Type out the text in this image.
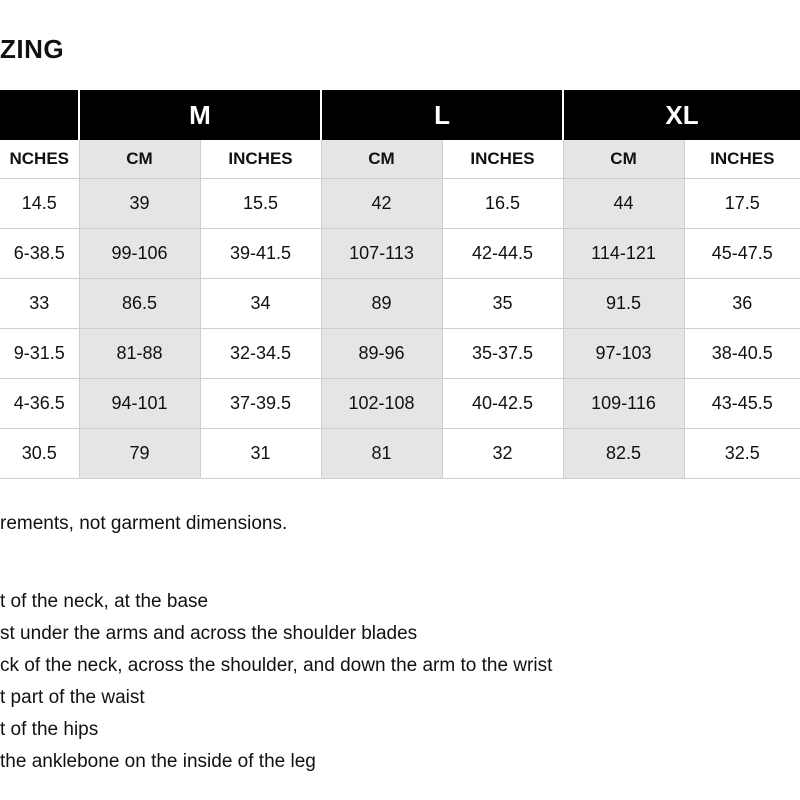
ZING
	M		L		XL	
NCHES	CM	INCHES	CM	INCHES	CM	INCHES
14.5	39	15.5	42	16.5	44	17.5
6-38.5	99-106	39-41.5	107-113	42-44.5	114-121	45-47.5
33	86.5	34	89	35	91.5	36
9-31.5	81-88	32-34.5	89-96	35-37.5	97-103	38-40.5
4-36.5	94-101	37-39.5	102-108	40-42.5	109-116	43-45.5
30.5	79	31	81	32	82.5	32.5

rements, not garment dimensions.

t of the neck, at the base

st under the arms and across the shoulder blades

ck of the neck, across the shoulder, and down the arm to the wrist

t part of the waist

t of the hips

the anklebone on the inside of the leg
